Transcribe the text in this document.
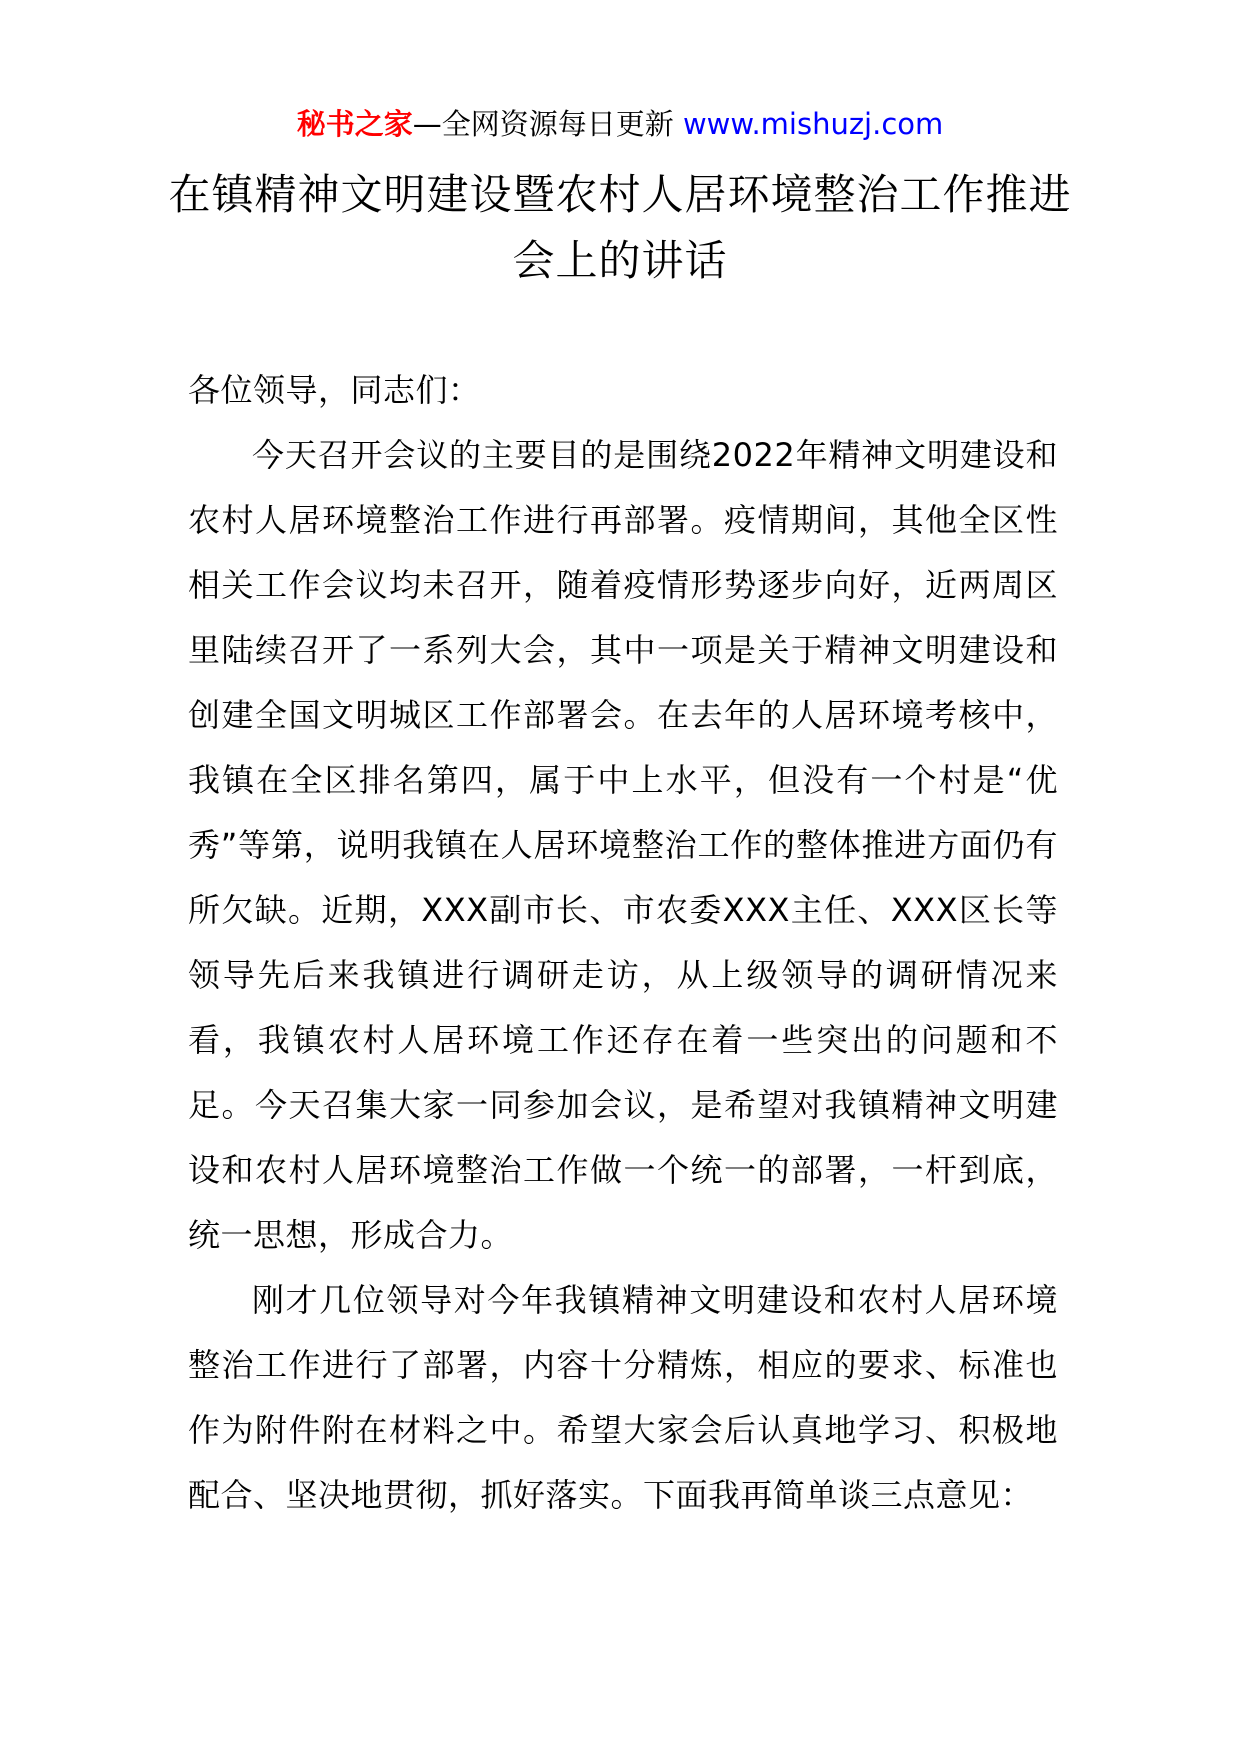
秘书之家—全网资源每日更新 www.mishuzj.com
在镇精神文明建设暨农村人居环境整治工作推进会上的讲话

各位领导，同志们：

今天召开会议的主要目的是围绕2022年精神文明建设和农村人居环境整治工作进行再部署。疫情期间，其他全区性相关工作会议均未召开，随着疫情形势逐步向好，近两周区里陆续召开了一系列大会，其中一项是关于精神文明建设和创建全国文明城区工作部署会。在去年的人居环境考核中，我镇在全区排名第四，属于中上水平，但没有一个村是“优秀”等第，说明我镇在人居环境整治工作的整体推进方面仍有所欠缺。近期，XXX副市长、市农委XXX主任、XXX区长等领导先后来我镇进行调研走访，从上级领导的调研情况来看，我镇农村人居环境工作还存在着一些突出的问题和不足。今天召集大家一同参加会议，是希望对我镇精神文明建设和农村人居环境整治工作做一个统一的部署，一杆到底，统一思想，形成合力。

刚才几位领导对今年我镇精神文明建设和农村人居环境整治工作进行了部署，内容十分精炼，相应的要求、标准也作为附件附在材料之中。希望大家会后认真地学习、积极地配合、坚决地贯彻，抓好落实。下面我再简单谈三点意见：
